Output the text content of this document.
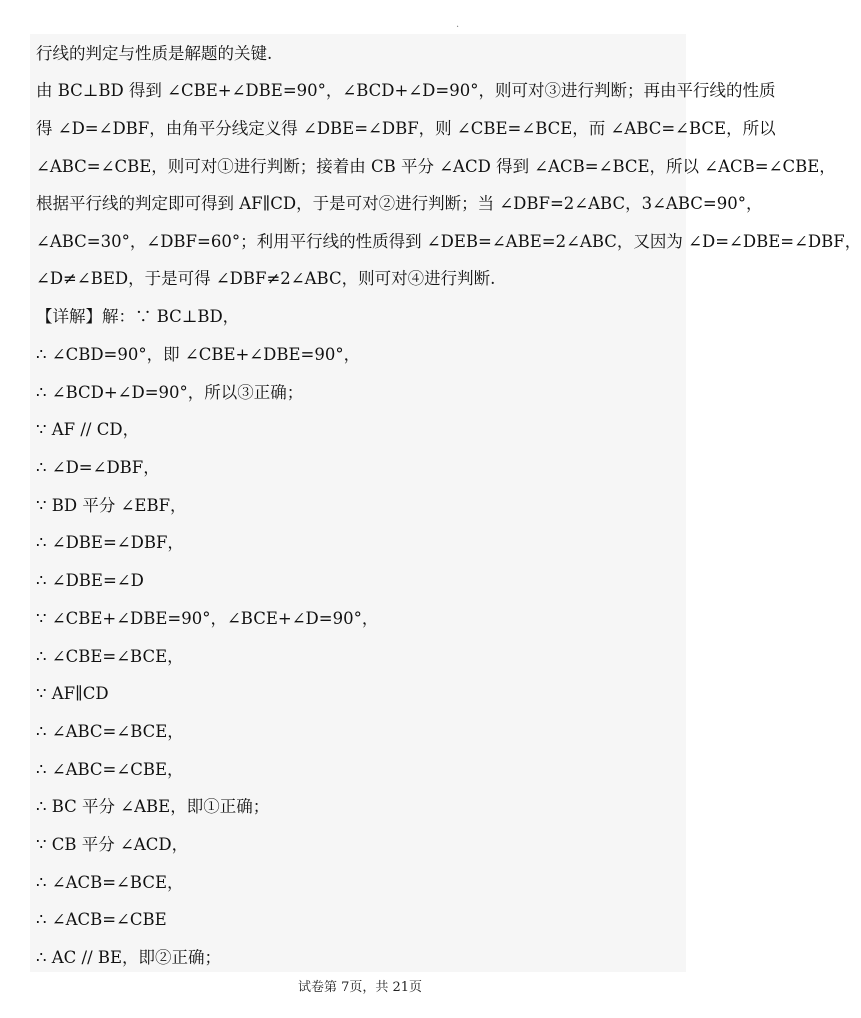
·
行线的判定与性质是解题的关键.
由 BC⊥BD 得到 ∠CBE+∠DBE=90°，∠BCD+∠D=90°，则可对③进行判断；再由平行线的性质
得 ∠D=∠DBF，由角平分线定义得 ∠DBE=∠DBF，则 ∠CBE=∠BCE，而 ∠ABC=∠BCE，所以
∠ABC=∠CBE，则可对①进行判断；接着由 CB 平分 ∠ACD 得到 ∠ACB=∠BCE，所以 ∠ACB=∠CBE，
根据平行线的判定即可得到 AF∥CD，于是可对②进行判断；当 ∠DBF=2∠ABC，3∠ABC=90°，
∠ABC=30°，∠DBF=60°；利用平行线的性质得到 ∠DEB=∠ABE=2∠ABC，又因为 ∠D=∠DBE=∠DBF，
∠D≠∠BED，于是可得 ∠DBF≠2∠ABC，则可对④进行判断.
【详解】解：∵ BC⊥BD，
∴ ∠CBD=90°，即 ∠CBE+∠DBE=90°，
∴ ∠BCD+∠D=90°，所以③正确；
∵ AF // CD，
∴ ∠D=∠DBF，
∵ BD 平分 ∠EBF，
∴ ∠DBE=∠DBF，
∴ ∠DBE=∠D
∵ ∠CBE+∠DBE=90°，∠BCE+∠D=90°，
∴ ∠CBE=∠BCE，
∵ AF∥CD
∴ ∠ABC=∠BCE，
∴ ∠ABC=∠CBE，
∴ BC 平分 ∠ABE，即①正确；
∵ CB 平分 ∠ACD，
∴ ∠ACB=∠BCE，
∴ ∠ACB=∠CBE
∴ AC // BE，即②正确；
试卷第 7页，共 21页
